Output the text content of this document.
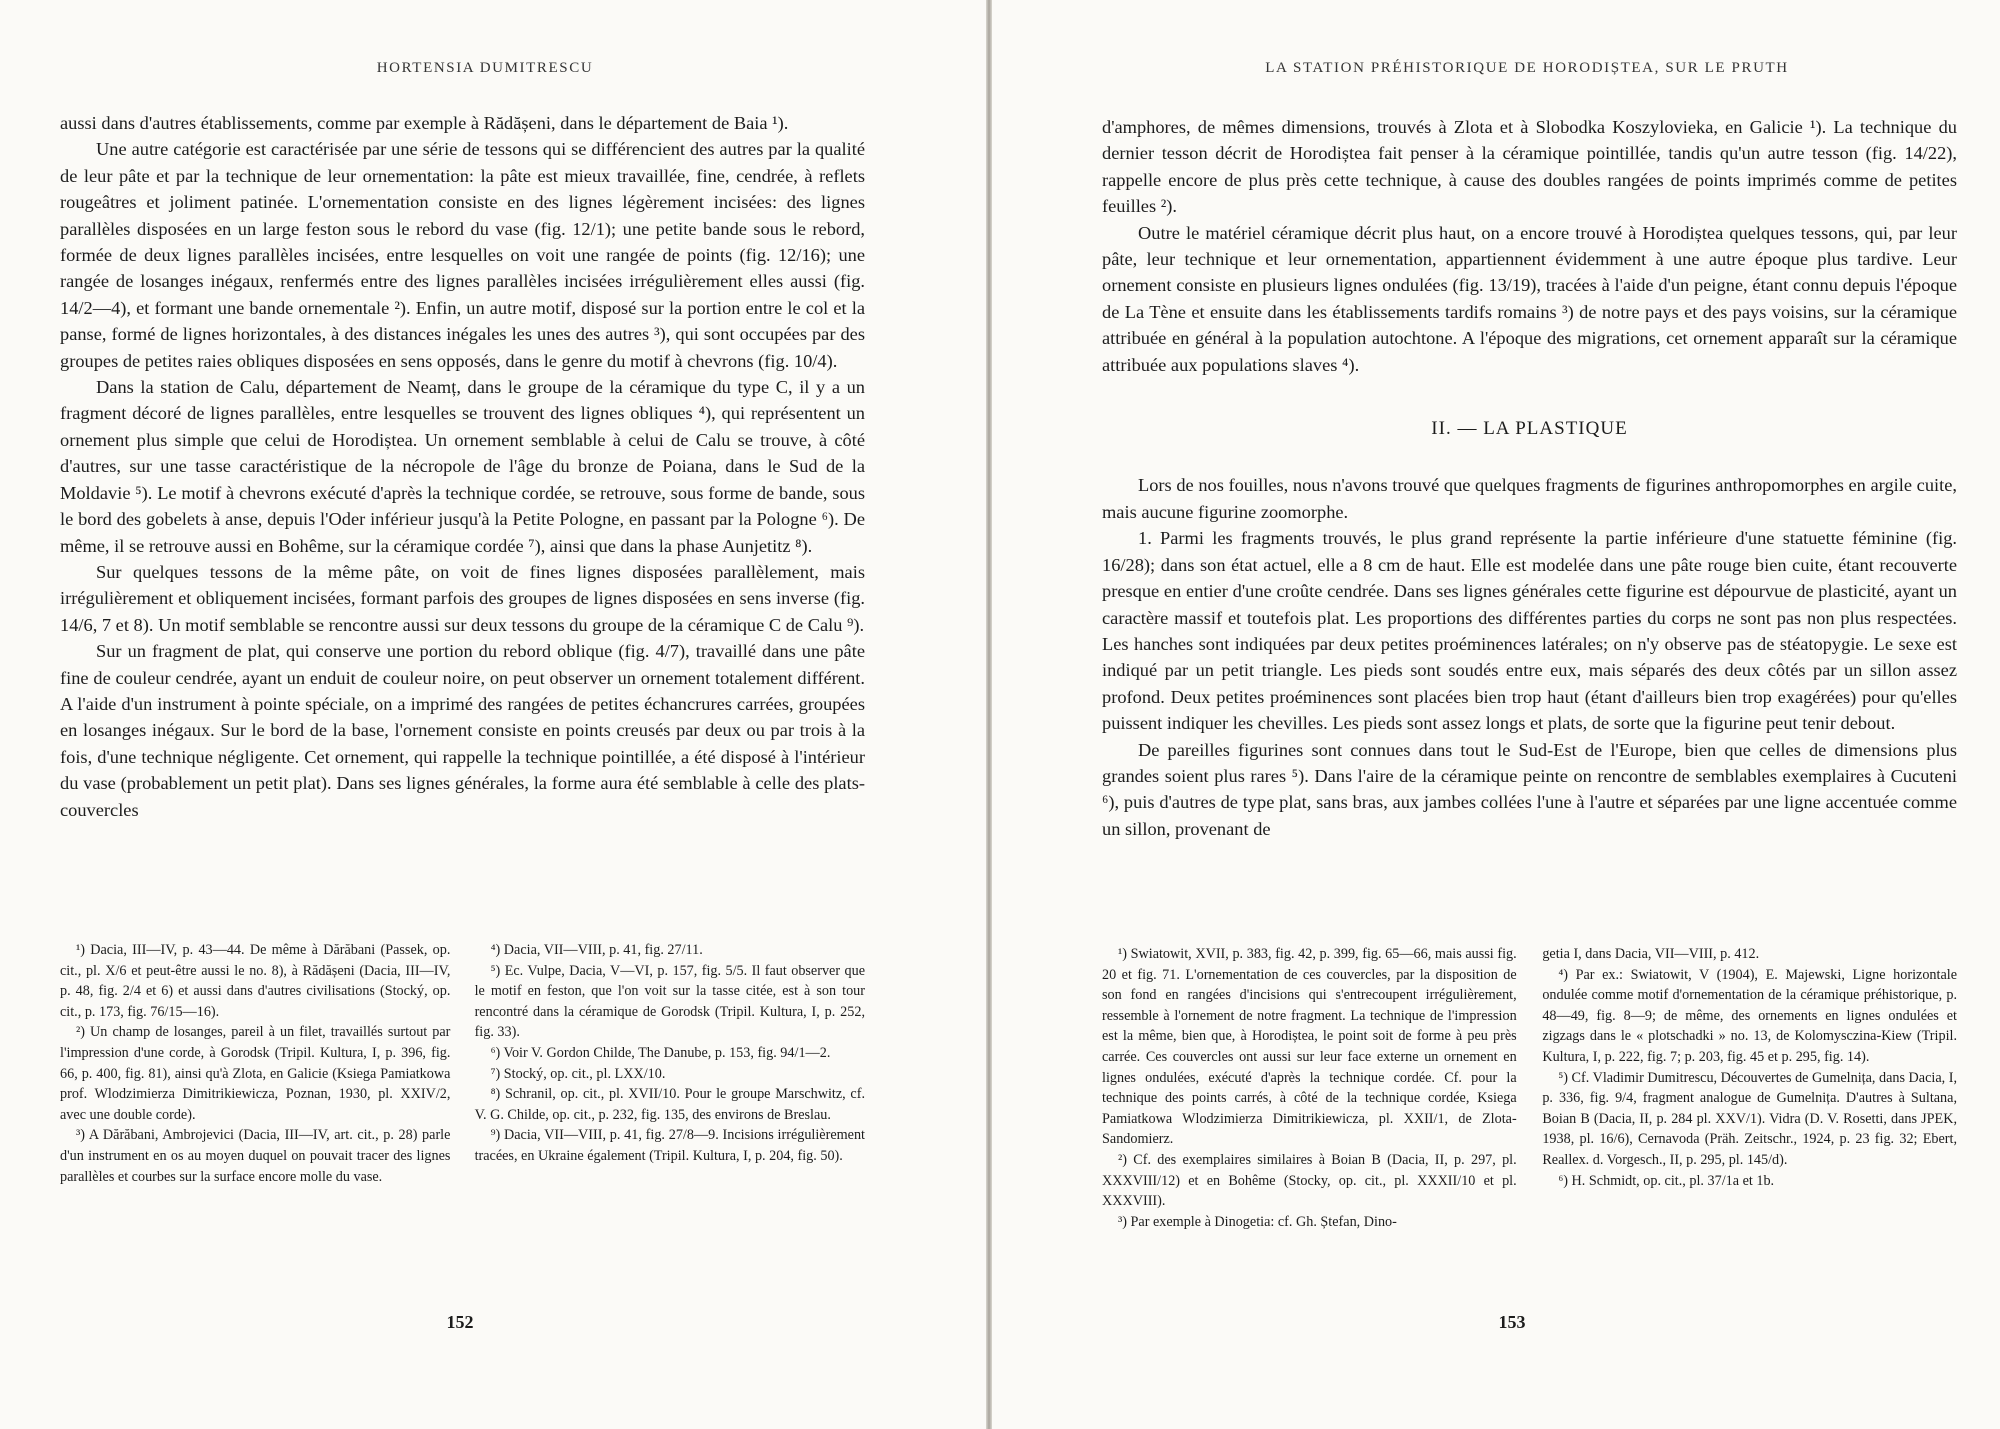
HORTENSIA DUMITRESCU

aussi dans d'autres établissements, comme par exemple à Rădășeni, dans le département de Baia ¹).

Une autre catégorie est caractérisée par une série de tessons qui se différencient des autres par la qualité de leur pâte et par la technique de leur ornementation: la pâte est mieux travaillée, fine, cendrée, à reflets rougeâtres et joliment patinée. L'ornementation consiste en des lignes légèrement incisées: des lignes parallèles disposées en un large feston sous le rebord du vase (fig. 12/1); une petite bande sous le rebord, formée de deux lignes parallèles incisées, entre lesquelles on voit une rangée de points (fig. 12/16); une rangée de losanges inégaux, renfermés entre des lignes parallèles incisées irrégulièrement elles aussi (fig. 14/2—4), et formant une bande ornementale ²). Enfin, un autre motif, disposé sur la portion entre le col et la panse, formé de lignes horizontales, à des distances inégales les unes des autres ³), qui sont occupées par des groupes de petites raies obliques disposées en sens opposés, dans le genre du motif à chevrons (fig. 10/4).

Dans la station de Calu, département de Neamț, dans le groupe de la céramique du type C, il y a un fragment décoré de lignes parallèles, entre lesquelles se trouvent des lignes obliques ⁴), qui représentent un ornement plus simple que celui de Horodiștea. Un ornement semblable à celui de Calu se trouve, à côté d'autres, sur une tasse caractéristique de la nécropole de l'âge du bronze de Poiana, dans le Sud de la Moldavie ⁵). Le motif à chevrons exécuté d'après la technique cordée, se retrouve, sous forme de bande, sous le bord des gobelets à anse, depuis l'Oder inférieur jusqu'à la Petite Pologne, en passant par la Pologne ⁶). De même, il se retrouve aussi en Bohême, sur la céramique cordée ⁷), ainsi que dans la phase Aunjetitz ⁸).

Sur quelques tessons de la même pâte, on voit de fines lignes disposées parallèlement, mais irrégulièrement et obliquement incisées, formant parfois des groupes de lignes disposées en sens inverse (fig. 14/6, 7 et 8). Un motif semblable se rencontre aussi sur deux tessons du groupe de la céramique C de Calu ⁹).

Sur un fragment de plat, qui conserve une portion du rebord oblique (fig. 4/7), travaillé dans une pâte fine de couleur cendrée, ayant un enduit de couleur noire, on peut observer un ornement totalement différent. A l'aide d'un instrument à pointe spéciale, on a imprimé des rangées de petites échancrures carrées, groupées en losanges inégaux. Sur le bord de la base, l'ornement consiste en points creusés par deux ou par trois à la fois, d'une technique négligente. Cet ornement, qui rappelle la technique pointillée, a été disposé à l'intérieur du vase (probablement un petit plat). Dans ses lignes générales, la forme aura été semblable à celle des plats-couvercles

¹) Dacia, III—IV, p. 43—44. De même à Dărăbani (Passek, op. cit., pl. X/6 et peut-être aussi le no. 8), à Rădășeni (Dacia, III—IV, p. 48, fig. 2/4 et 6) et aussi dans d'autres civilisations (Stocký, op. cit., p. 173, fig. 76/15—16).

²) Un champ de losanges, pareil à un filet, travaillés surtout par l'impression d'une corde, à Gorodsk (Tripil. Kultura, I, p. 396, fig. 66, p. 400, fig. 81), ainsi qu'à Zlota, en Galicie (Ksiega Pamiatkowa prof. Wlodzimierza Dimitrikiewicza, Poznan, 1930, pl. XXIV/2, avec une double corde).

³) A Dărăbani, Ambrojevici (Dacia, III—IV, art. cit., p. 28) parle d'un instrument en os au moyen duquel on pouvait tracer des lignes parallèles et courbes sur la surface encore molle du vase.

⁴) Dacia, VII—VIII, p. 41, fig. 27/11.

⁵) Ec. Vulpe, Dacia, V—VI, p. 157, fig. 5/5. Il faut observer que le motif en feston, que l'on voit sur la tasse citée, est à son tour rencontré dans la céramique de Gorodsk (Tripil. Kultura, I, p. 252, fig. 33).

⁶) Voir V. Gordon Childe, The Danube, p. 153, fig. 94/1—2.

⁷) Stocký, op. cit., pl. LXX/10.

⁸) Schranil, op. cit., pl. XVII/10. Pour le groupe Marschwitz, cf. V. G. Childe, op. cit., p. 232, fig. 135, des environs de Breslau.

⁹) Dacia, VII—VIII, p. 41, fig. 27/8—9. Incisions irrégulièrement tracées, en Ukraine également (Tripil. Kultura, I, p. 204, fig. 50).

152
LA STATION PRÉHISTORIQUE DE HORODIȘTEA, SUR LE PRUTH

d'amphores, de mêmes dimensions, trouvés à Zlota et à Slobodka Koszylovieka, en Galicie ¹). La technique du dernier tesson décrit de Horodiștea fait penser à la céramique pointillée, tandis qu'un autre tesson (fig. 14/22), rappelle encore de plus près cette technique, à cause des doubles rangées de points imprimés comme de petites feuilles ²).

Outre le matériel céramique décrit plus haut, on a encore trouvé à Horodiștea quelques tessons, qui, par leur pâte, leur technique et leur ornementation, appartiennent évidemment à une autre époque plus tardive. Leur ornement consiste en plusieurs lignes ondulées (fig. 13/19), tracées à l'aide d'un peigne, étant connu depuis l'époque de La Tène et ensuite dans les établissements tardifs romains ³) de notre pays et des pays voisins, sur la céramique attribuée en général à la population autochtone. A l'époque des migrations, cet ornement apparaît sur la céramique attribuée aux populations slaves ⁴).

II. — LA PLASTIQUE

Lors de nos fouilles, nous n'avons trouvé que quelques fragments de figurines anthropomorphes en argile cuite, mais aucune figurine zoomorphe.

1. Parmi les fragments trouvés, le plus grand représente la partie inférieure d'une statuette féminine (fig. 16/28); dans son état actuel, elle a 8 cm de haut. Elle est modelée dans une pâte rouge bien cuite, étant recouverte presque en entier d'une croûte cendrée. Dans ses lignes générales cette figurine est dépourvue de plasticité, ayant un caractère massif et toutefois plat. Les proportions des différentes parties du corps ne sont pas non plus respectées. Les hanches sont indiquées par deux petites proéminences latérales; on n'y observe pas de stéatopygie. Le sexe est indiqué par un petit triangle. Les pieds sont soudés entre eux, mais séparés des deux côtés par un sillon assez profond. Deux petites proéminences sont placées bien trop haut (étant d'ailleurs bien trop exagérées) pour qu'elles puissent indiquer les chevilles. Les pieds sont assez longs et plats, de sorte que la figurine peut tenir debout.

De pareilles figurines sont connues dans tout le Sud-Est de l'Europe, bien que celles de dimensions plus grandes soient plus rares ⁵). Dans l'aire de la céramique peinte on rencontre de semblables exemplaires à Cucuteni ⁶), puis d'autres de type plat, sans bras, aux jambes collées l'une à l'autre et séparées par une ligne accentuée comme un sillon, provenant de

¹) Swiatowit, XVII, p. 383, fig. 42, p. 399, fig. 65—66, mais aussi fig. 20 et fig. 71. L'ornementation de ces couvercles, par la disposition de son fond en rangées d'incisions qui s'entrecoupent irrégulièrement, ressemble à l'ornement de notre fragment. La technique de l'impression est la même, bien que, à Horodiștea, le point soit de forme à peu près carrée. Ces couvercles ont aussi sur leur face externe un ornement en lignes ondulées, exécuté d'après la technique cordée. Cf. pour la technique des points carrés, à côté de la technique cordée, Ksiega Pamiatkowa Wlodzimierza Dimitrikiewicza, pl. XXII/1, de Zlota-Sandomierz.

²) Cf. des exemplaires similaires à Boian B (Dacia, II, p. 297, pl. XXXVIII/12) et en Bohême (Stocky, op. cit., pl. XXXII/10 et pl. XXXVIII).

³) Par exemple à Dinogetia: cf. Gh. Ștefan, Dino-

getia I, dans Dacia, VII—VIII, p. 412.

⁴) Par ex.: Swiatowit, V (1904), E. Majewski, Ligne horizontale ondulée comme motif d'ornementation de la céramique préhistorique, p. 48—49, fig. 8—9; de même, des ornements en lignes ondulées et zigzags dans le « plotschadki » no. 13, de Kolomysczina-Kiew (Tripil. Kultura, I, p. 222, fig. 7; p. 203, fig. 45 et p. 295, fig. 14).

⁵) Cf. Vladimir Dumitrescu, Découvertes de Gumelnița, dans Dacia, I, p. 336, fig. 9/4, fragment analogue de Gumelnița. D'autres à Sultana, Boian B (Dacia, II, p. 284 pl. XXV/1). Vidra (D. V. Rosetti, dans JPEK, 1938, pl. 16/6), Cernavoda (Präh. Zeitschr., 1924, p. 23 fig. 32; Ebert, Reallex. d. Vorgesch., II, p. 295, pl. 145/d).

⁶) H. Schmidt, op. cit., pl. 37/1a et 1b.

153
